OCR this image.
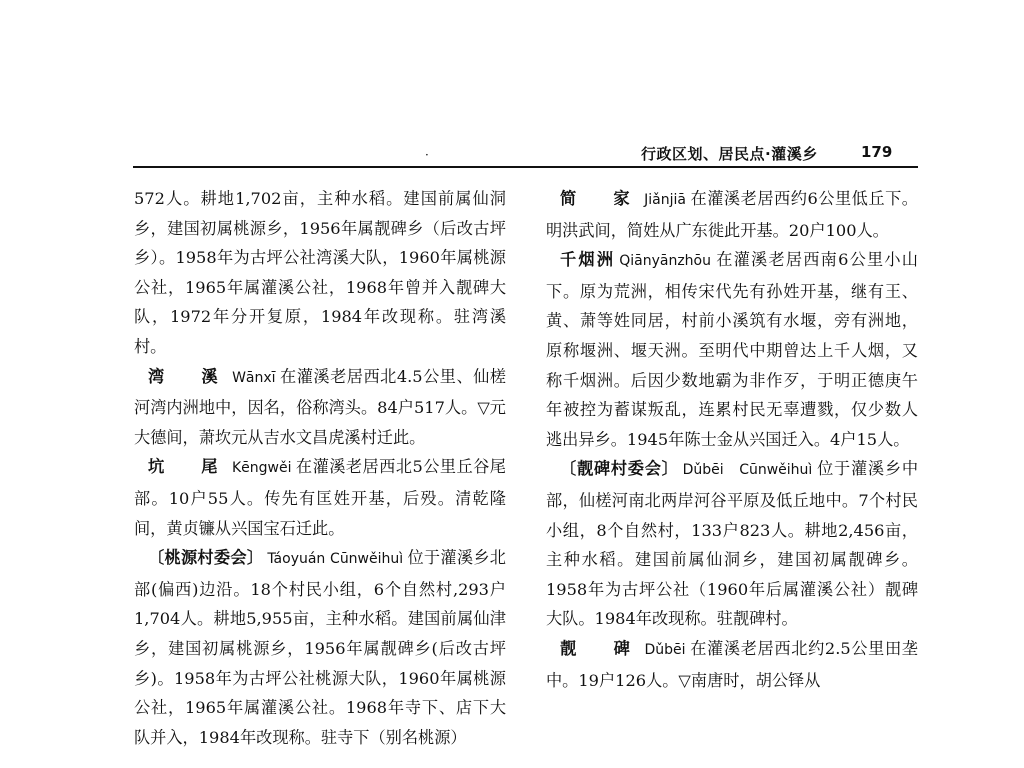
·	行政区划、居民点·灌溪乡	179

572人。耕地1,702亩，主种水稻。建国前属仙洞乡，建国初属桃源乡，1956年属靓碑乡（后改古坪乡）。1958年为古坪公社湾溪大队，1960年属桃源公社，1965年属灌溪公社，1968年曾并入靓碑大队，1972年分开复原，1984年改现称。驻湾溪村。

湾　溪 Wānxī 在灌溪老居西北4.5公里、仙槎河湾内洲地中，因名，俗称湾头。84户517人。▽元大德间，萧坎元从吉水文昌虎溪村迁此。

坑　尾 Kēngwěi 在灌溪老居西北5公里丘谷尾部。10户55人。传先有匡姓开基，后殁。清乾隆间，黄贞镰从兴国宝石迁此。

〔桃源村委会〕 Táoyuán Cūnwěihuì 位于灌溪乡北部(偏西)边沿。18个村民小组，6个自然村,293户1,704人。耕地5,955亩，主种水稻。建国前属仙津乡，建国初属桃源乡，1956年属靓碑乡(后改古坪乡)。1958年为古坪公社桃源大队，1960年属桃源公社，1965年属灌溪公社。1968年寺下、店下大队并入，1984年改现称。驻寺下（别名桃源）

简　家 Jiǎnjiā 在灌溪老居西约6公里低丘下。明洪武间，简姓从广东徙此开基。20户100人。

千烟洲 Qiānyānzhōu 在灌溪老居西南6公里小山下。原为荒洲，相传宋代先有孙姓开基，继有王、黄、萧等姓同居，村前小溪筑有水堰，旁有洲地，原称堰洲、堰天洲。至明代中期曾达上千人烟，又称千烟洲。后因少数地霸为非作歹，于明正德庚午年被控为蓄谋叛乱，连累村民无辜遭戮，仅少数人逃出异乡。1945年陈士金从兴国迁入。4户15人。

〔靓碑村委会〕 Dǔbēi　Cūnwěihuì 位于灌溪乡中部，仙槎河南北两岸河谷平原及低丘地中。7个村民小组，8个自然村，133户823人。耕地2,456亩，主种水稻。建国前属仙洞乡，建国初属靓碑乡。1958年为古坪公社（1960年后属灌溪公社）靓碑大队。1984年改现称。驻靓碑村。

靓　碑 Dǔbēi 在灌溪老居西北约2.5公里田垄中。19户126人。▽南唐时，胡公铎从
